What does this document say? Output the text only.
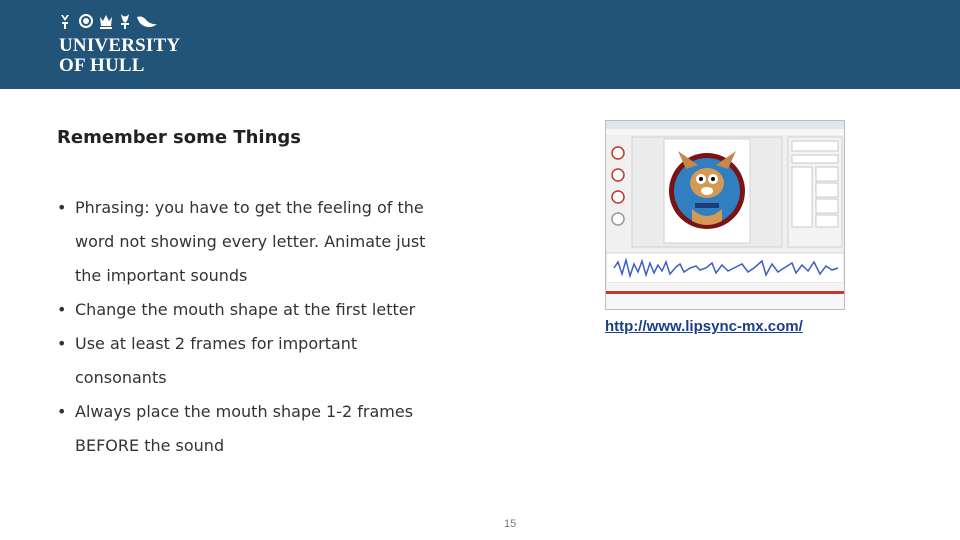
UNIVERSITY
OF HULL
Remember some Things
• Phrasing: you have to get the feeling of the
word not showing every letter. Animate just
the important sounds
• Change the mouth shape at the first letter
• Use at least 2 frames for important
consonants
• Always place the mouth shape 1-2 frames
BEFORE the sound
http://www.lipsync-mx.com/
15
